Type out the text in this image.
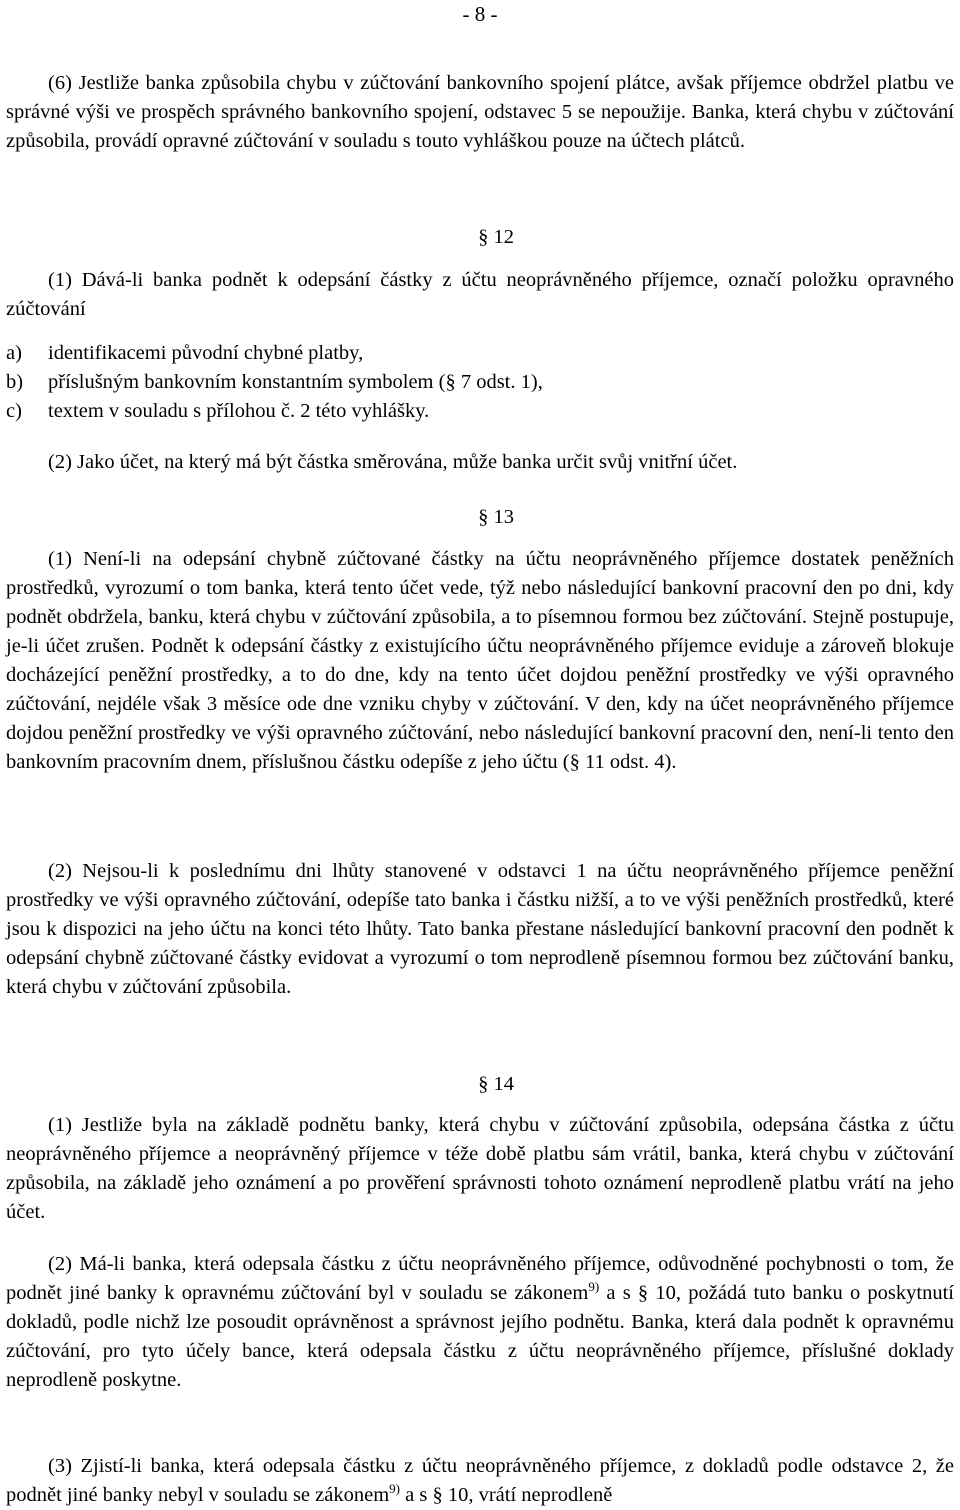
- 8 -

(6) Jestliže banka způsobila chybu v zúčtování bankovního spojení plátce, avšak příjemce obdržel platbu ve správné výši ve prospěch správného bankovního spojení, odstavec 5 se nepoužije. Banka, která chybu v zúčtování způsobila, provádí opravné zúčtování v souladu s touto vyhláškou pouze na účtech plátců.

§ 12

(1) Dává-li banka podnět k odepsání částky z účtu neoprávněného příjemce, označí položku opravného zúčtování

a)	identifikacemi původní chybné platby,
b)	příslušným bankovním konstantním symbolem (§ 7 odst. 1),
c)	textem v souladu s přílohou č. 2 této vyhlášky.

(2) Jako účet, na který má být částka směrována, může banka určit svůj vnitřní účet.

§ 13

(1) Není-li na odepsání chybně zúčtované částky na účtu neoprávněného příjemce dostatek peněžních prostředků, vyrozumí o tom banka, která tento účet vede, týž nebo následující bankovní pracovní den po dni, kdy podnět obdržela, banku, která chybu v zúčtování způsobila, a to písemnou formou bez zúčtování. Stejně postupuje, je-li účet zrušen. Podnět k odepsání částky z existujícího účtu neoprávněného příjemce eviduje a zároveň blokuje docházející peněžní prostředky, a to do dne, kdy na tento účet dojdou peněžní prostředky ve výši opravného zúčtování, nejdéle však 3 měsíce ode dne vzniku chyby v zúčtování. V den, kdy na účet neoprávněného příjemce dojdou peněžní prostředky ve výši opravného zúčtování, nebo následující bankovní pracovní den, není-li tento den bankovním pracovním dnem, příslušnou částku odepíše z jeho účtu (§ 11 odst. 4).

(2) Nejsou-li k poslednímu dni lhůty stanovené v odstavci 1 na účtu neoprávněného příjemce peněžní prostředky ve výši opravného zúčtování, odepíše tato banka i částku nižší, a to ve výši peněžních prostředků, které jsou k dispozici na jeho účtu na konci této lhůty. Tato banka přestane následující bankovní pracovní den podnět k odepsání chybně zúčtované částky evidovat a vyrozumí o tom neprodleně písemnou formou bez zúčtování banku, která chybu v zúčtování způsobila.

§ 14

(1) Jestliže byla na základě podnětu banky, která chybu v zúčtování způsobila, odepsána částka z účtu neoprávněného příjemce a neoprávněný příjemce v téže době platbu sám vrátil, banka, která chybu v zúčtování způsobila, na základě jeho oznámení a po prověření správnosti tohoto oznámení neprodleně platbu vrátí na jeho účet.

(2) Má-li banka, která odepsala částku z účtu neoprávněného příjemce, odůvodněné pochybnosti o tom, že podnět jiné banky k opravnému zúčtování byl v souladu se zákonem$^{9)}$ a s § 10, požádá tuto banku o poskytnutí dokladů, podle nichž lze posoudit oprávněnost a správnost jejího podnětu. Banka, která dala podnět k opravnému zúčtování, pro tyto účely bance, která odepsala částku z účtu neoprávněného příjemce, příslušné doklady neprodleně poskytne.

(3) Zjistí-li banka, která odepsala částku z účtu neoprávněného příjemce, z dokladů podle odstavce 2, že podnět jiné banky nebyl v souladu se zákonem$^{9)}$ a s § 10, vrátí neprodleně
